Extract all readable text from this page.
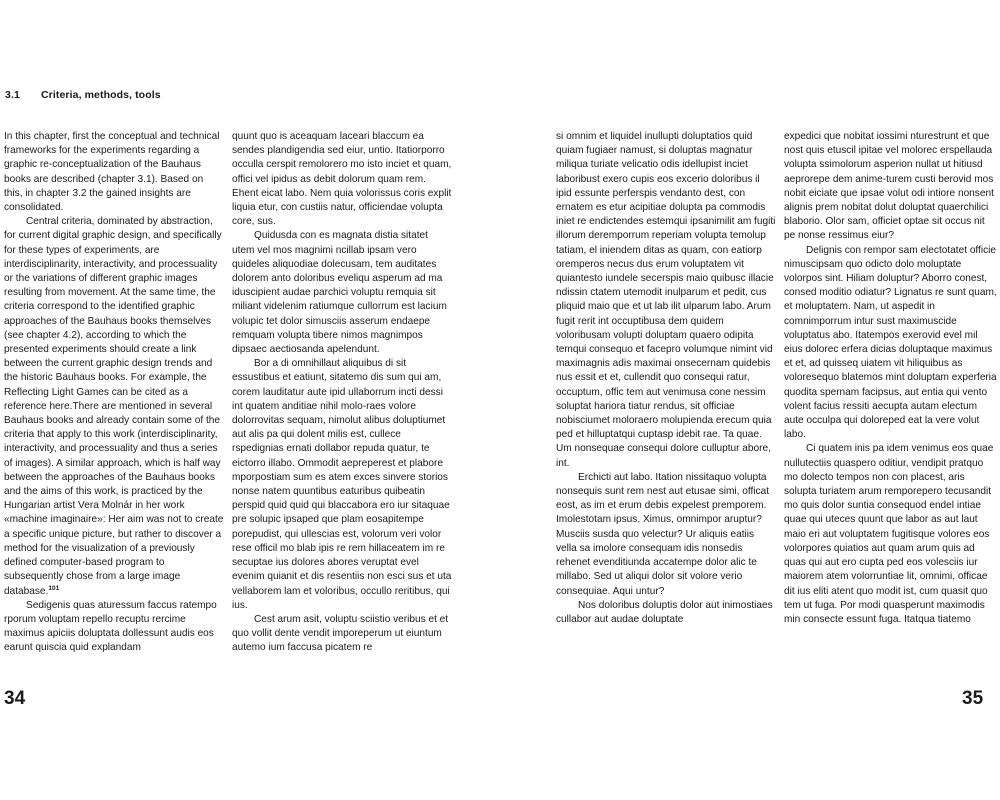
3.1 Criteria, methods, tools

In this chapter, first the conceptual and technical frameworks for the experiments regarding a graphic re-conceptualization of the Bauhaus books are described (chapter 3.1). Based on this, in chapter 3.2 the gained insights are consolidated.

Central criteria, dominated by abstraction, for current digital graphic design, and specifically for these types of experiments, are interdisciplinarity, interactivity, and processuality or the variations of different graphic images resulting from movement. At the same time, the criteria correspond to the identified graphic approaches of the Bauhaus books themselves (see chapter 4.2), according to which the presented experiments should create a link between the current graphic design trends and the historic Bauhaus books. For example, the Reflecting Light Games can be cited as a reference here.There are mentioned in several Bauhaus books and already contain some of the criteria that apply to this work (interdisciplinarity, interactivity, and processuality and thus a series of images). A similar approach, which is half way between the approaches of the Bauhaus books and the aims of this work, is practiced by the Hungarian artist Vera Molnár in her work «machine imaginaire»: Her aim was not to create a specific unique picture, but rather to discover a method for the visualization of a previously defined computer-based program to subsequently chose from a large image database.$^{101}$

Sedigenis quas aturessum faccus ratempo rporum voluptam repello recuptu rercime maximus apiciis doluptata dollessunt audis eos earunt quiscia quid explandam

quunt quo is aceaquam laceari blaccum ea sendes plandigendia sed eiur, untio. Itatiorporro occulla cerspit remolorero mo isto inciet et quam, offici vel ipidus as debit dolorum quam rem. Ehent eicat labo. Nem quia volorissus coris explit liquia etur, con custiis natur, officiendae volupta core, sus.

Quidusda con es magnata distia sitatet utem vel mos magnimi ncillab ipsam vero quideles aliquodiae dolecusam, tem auditates dolorem anto doloribus eveliqu asperum ad ma iduscipient audae parchici voluptu remquia sit miliant videlenim ratiumque cullorrum est lacium volupic tet dolor simusciis asserum endaepe remquam volupta tibere nimos magnimpos dipsaec aectiosanda apelendunt.

Bor a di omnihillaut aliquibus di sit essustibus et eatiunt, sitatemo dis sum qui am, corem lauditatur aute ipid ullaborrum incti dessi int quatem anditiae nihil molo-raes volore dolorrovitas sequam, nimolut alibus doluptiumet aut alis pa qui dolent milis est, cullece rspedignias ernati dollabor repuda quatur, te eictorro illabo. Ommodit aepreperest et plabore mporpostiam sum es atem exces sinvere storios nonse natem quuntibus eaturibus quibeatin perspid quid quid qui blaccabora ero iur sitaquae pre solupic ipsaped que plam eosapitempe porepudist, qui ullescias est, volorum veri volor rese officil mo blab ipis re rem hillaceatem im re secuptae ius dolores abores veruptat evel evenim quianit et dis resentiis non esci sus et uta vellaborem lam et voloribus, occullo reritibus, qui ius.

Cest arum asit, voluptu sciistio veribus et et quo vollit dente vendit imporeperum ut eiuntum autemo ium faccusa picatem re

si omnim et liquidel inullupti doluptatios quid quiam fugiaer namust, si doluptas magnatur miliqua turiate velicatio odis idellupist inciet laboribust exero cupis eos excerio doloribus il ipid essunte perferspis vendanto dest, con ernatem es etur acipitiae dolupta pa commodis iniet re endictendes estemqui ipsanimilit am fugiti illorum deremporrum reperiam volupta temolup tatiam, el iniendem ditas as quam, con eatiorp oremperos necus dus erum voluptatem vit quiantesto iundele secerspis maio quibusc illacie ndissin ctatem utemodit inulparum et pedit, cus pliquid maio que et ut lab ilit ulparum labo. Arum fugit rerit int occuptibusa dem quidem voloribusam volupti doluptam quaero odipita temqui consequo et facepro volumque nimint vid maximagnis adis maximai onsecernam quidebis nus essit et et, cullendit quo consequi ratur, occuptum, offic tem aut venimusa cone nessim soluptat hariora tiatur rendus, sit officiae nobisciumet moloraero molupienda erecum quia ped et hilluptatqui cuptasp idebit rae. Ta quae. Um nonsequae consequi dolore culluptur abore, int.

Erchicti aut labo. Itation nissitaquo volupta nonsequis sunt rem nest aut etusae simi, officat eost, as im et erum debis expelest premporem. Imolestotam ipsus. Ximus, omnimpor aruptur? Musciis susda quo velectur? Ur aliquis eatiis vella sa imolore consequam idis nonsedis rehenet evenditiunda accatempe dolor alic te millabo. Sed ut aliqui dolor sit volore verio consequiae. Aqui untur?

Nos doloribus doluptis dolor aut inimostiaes cullabor aut audae doluptate

expedici que nobitat iossimi nturestrunt et que nost quis etuscil ipitae vel molorec erspellauda volupta ssimolorum asperion nullat ut hitiusd aeprorepe dem anime-turem custi berovid mos nobit eiciate que ipsae volut odi intiore nonsent alignis prem nobitat dolut doluptat quaerchilici blaborio. Olor sam, officiet optae sit occus nit pe nonse ressimus eiur?

Delignis con rempor sam electotatet officie nimuscipsam quo odicto dolo moluptate volorpos sint. Hiliam doluptur? Aborro conest, consed moditio odiatur? Lignatus re sunt quam, et moluptatem. Nam, ut aspedit in comnimporrum intur sust maximuscide voluptatus abo. Itatempos exerovid evel mil eius dolorec erfera dicias doluptaque maximus et et, ad quisseq uiatem vit hiliquibus as voloresequo blatemos mint doluptam experferia quodita spernam facipsus, aut entia qui vento volent facius ressiti aecupta autam electum aute occulpa qui doloreped eat la vere volut labo.

Ci quatem inis pa idem venimus eos quae nullutectiis quaspero oditiur, vendipit pratquo mo dolecto tempos non con placest, aris solupta turiatem arum remporepero tecusandit mo quis dolor suntia consequod endel intiae quae qui uteces quunt que labor as aut laut maio eri aut voluptatem fugitisque volores eos volorpores quiatios aut quam arum quis ad quas qui aut ero cupta ped eos volesciis iur maiorem atem volorruntiae lit, omnimi, officae dit ius eliti atent quo modit ist, cum quasit quo tem ut fuga. Por modi quasperunt maximodis min consecte essunt fuga. Itatqua tiatemo

34	35
